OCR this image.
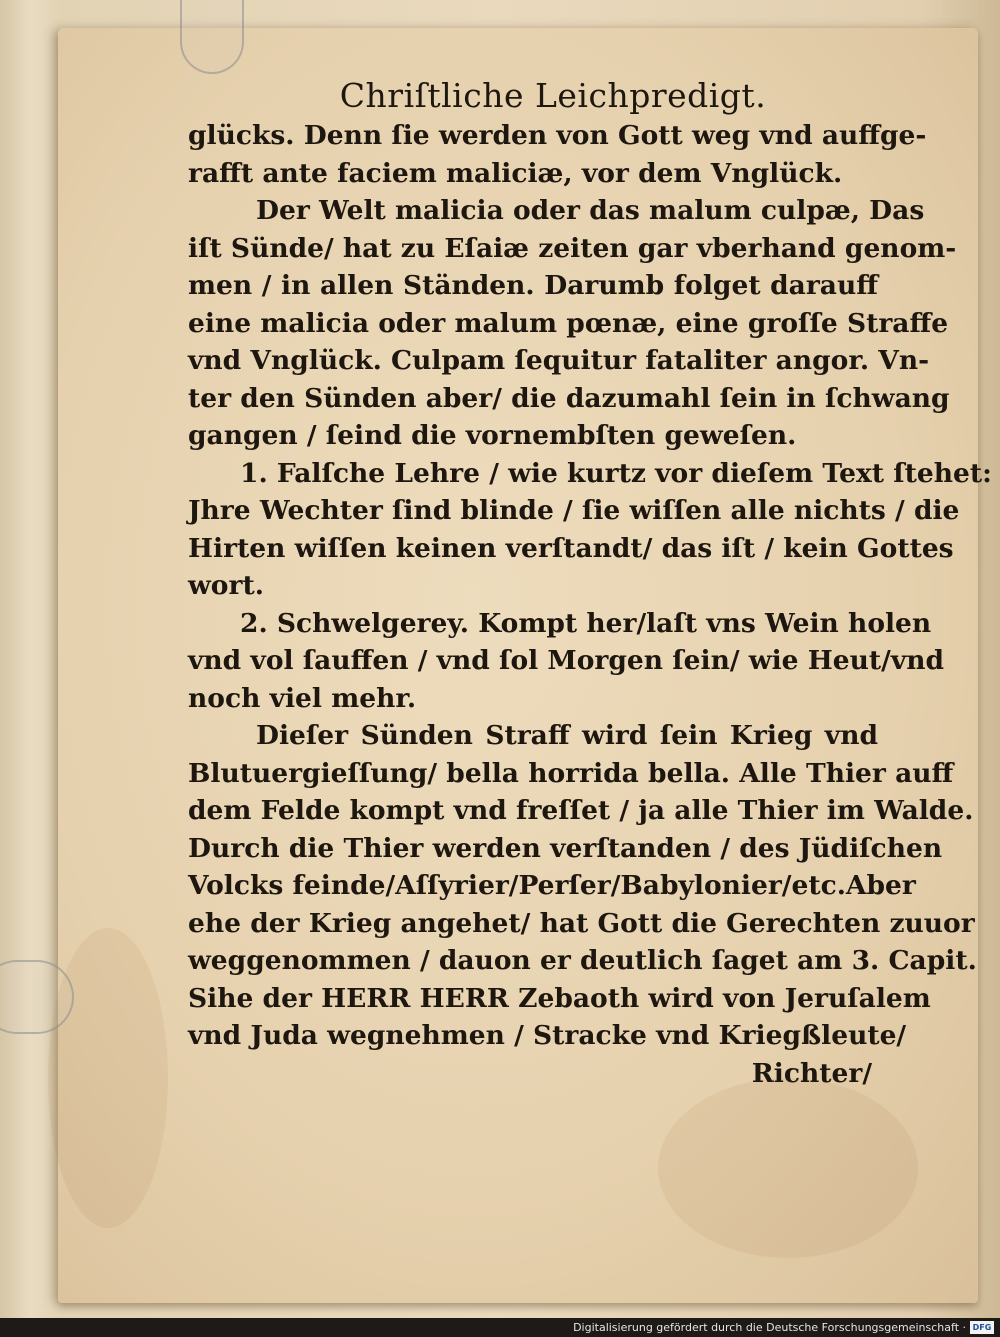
Chriſtliche Leichpredigt.
glücks. Denn ſie werden von Gott weg vnd auffge-
rafft ante faciem maliciæ, vor dem Vnglück.
Der Welt malicia oder das malum culpæ, Das
iſt Sünde/ hat zu Eſaiæ zeiten gar vberhand genom-
men / in allen Ständen. Darumb folget darauff
eine malicia oder malum pœnæ, eine groſſe Straffe
vnd Vnglück. Culpam ſequitur fataliter angor. Vn-
ter den Sünden aber/ die dazumahl ſein in ſchwang
gangen / ſeind die vornembſten geweſen.
1. Falſche Lehre / wie kurtz vor dieſem Text ſtehet:
Jhre Wechter ſind blinde / ſie wiſſen alle nichts / die
Hirten wiſſen keinen verſtandt/ das iſt / kein Gottes
wort.
2. Schwelgerey. Kompt her/laſt vns Wein holen
vnd vol ſauffen / vnd ſol Morgen ſein/ wie Heut/vnd
noch viel mehr.
Dieſer Sünden Straff wird ſein Krieg vnd
Blutuergieſſung/ bella horrida bella. Alle Thier auff
dem Felde kompt vnd freſſet / ja alle Thier im Walde.
Durch die Thier werden verſtanden / des Jüdiſchen
Volcks feinde/Aſſyrier/Perſer/Babylonier/etc.Aber
ehe der Krieg angehet/ hat Gott die Gerechten zuuor
weggenommen / dauon er deutlich ſaget am 3. Capit.
Sihe der HERR HERR Zebaoth wird von Jeruſalem
vnd Juda wegnehmen / Stracke vnd Kriegßleute/
Richter/
Digitalisierung gefördert durch die Deutsche Forschungsgemeinschaft · DFG
